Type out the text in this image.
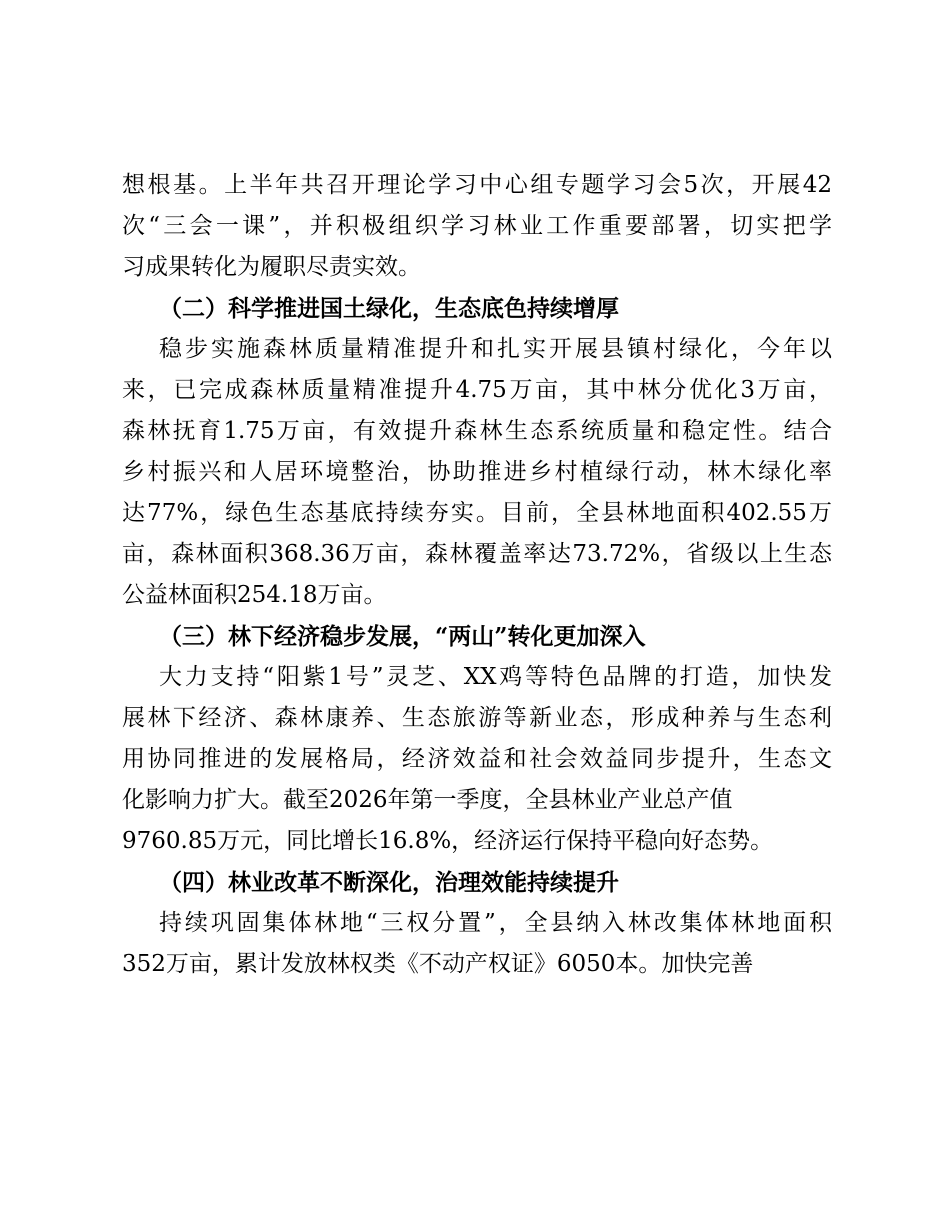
想根基。上半年共召开理论学习中心组专题学习会5次，开展42
次“三会一课”，并积极组织学习林业工作重要部署，切实把学
习成果转化为履职尽责实效。
（二）科学推进国土绿化，生态底色持续增厚
稳步实施森林质量精准提升和扎实开展县镇村绿化，今年以
来，已完成森林质量精准提升4.75万亩，其中林分优化3万亩，
森林抚育1.75万亩，有效提升森林生态系统质量和稳定性。结合
乡村振兴和人居环境整治，协助推进乡村植绿行动，林木绿化率
达77%，绿色生态基底持续夯实。目前，全县林地面积402.55万
亩，森林面积368.36万亩，森林覆盖率达73.72%，省级以上生态
公益林面积254.18万亩。
（三）林下经济稳步发展，“两山”转化更加深入
大力支持“阳紫1号”灵芝、XX鸡等特色品牌的打造，加快发
展林下经济、森林康养、生态旅游等新业态，形成种养与生态利
用协同推进的发展格局，经济效益和社会效益同步提升，生态文
化影响力扩大。截至2026年第一季度，全县林业产业总产值
9760.85万元，同比增长16.8%，经济运行保持平稳向好态势。
（四）林业改革不断深化，治理效能持续提升
持续巩固集体林地“三权分置”，全县纳入林改集体林地面积
352万亩，累计发放林权类《不动产权证》6050本。加快完善
